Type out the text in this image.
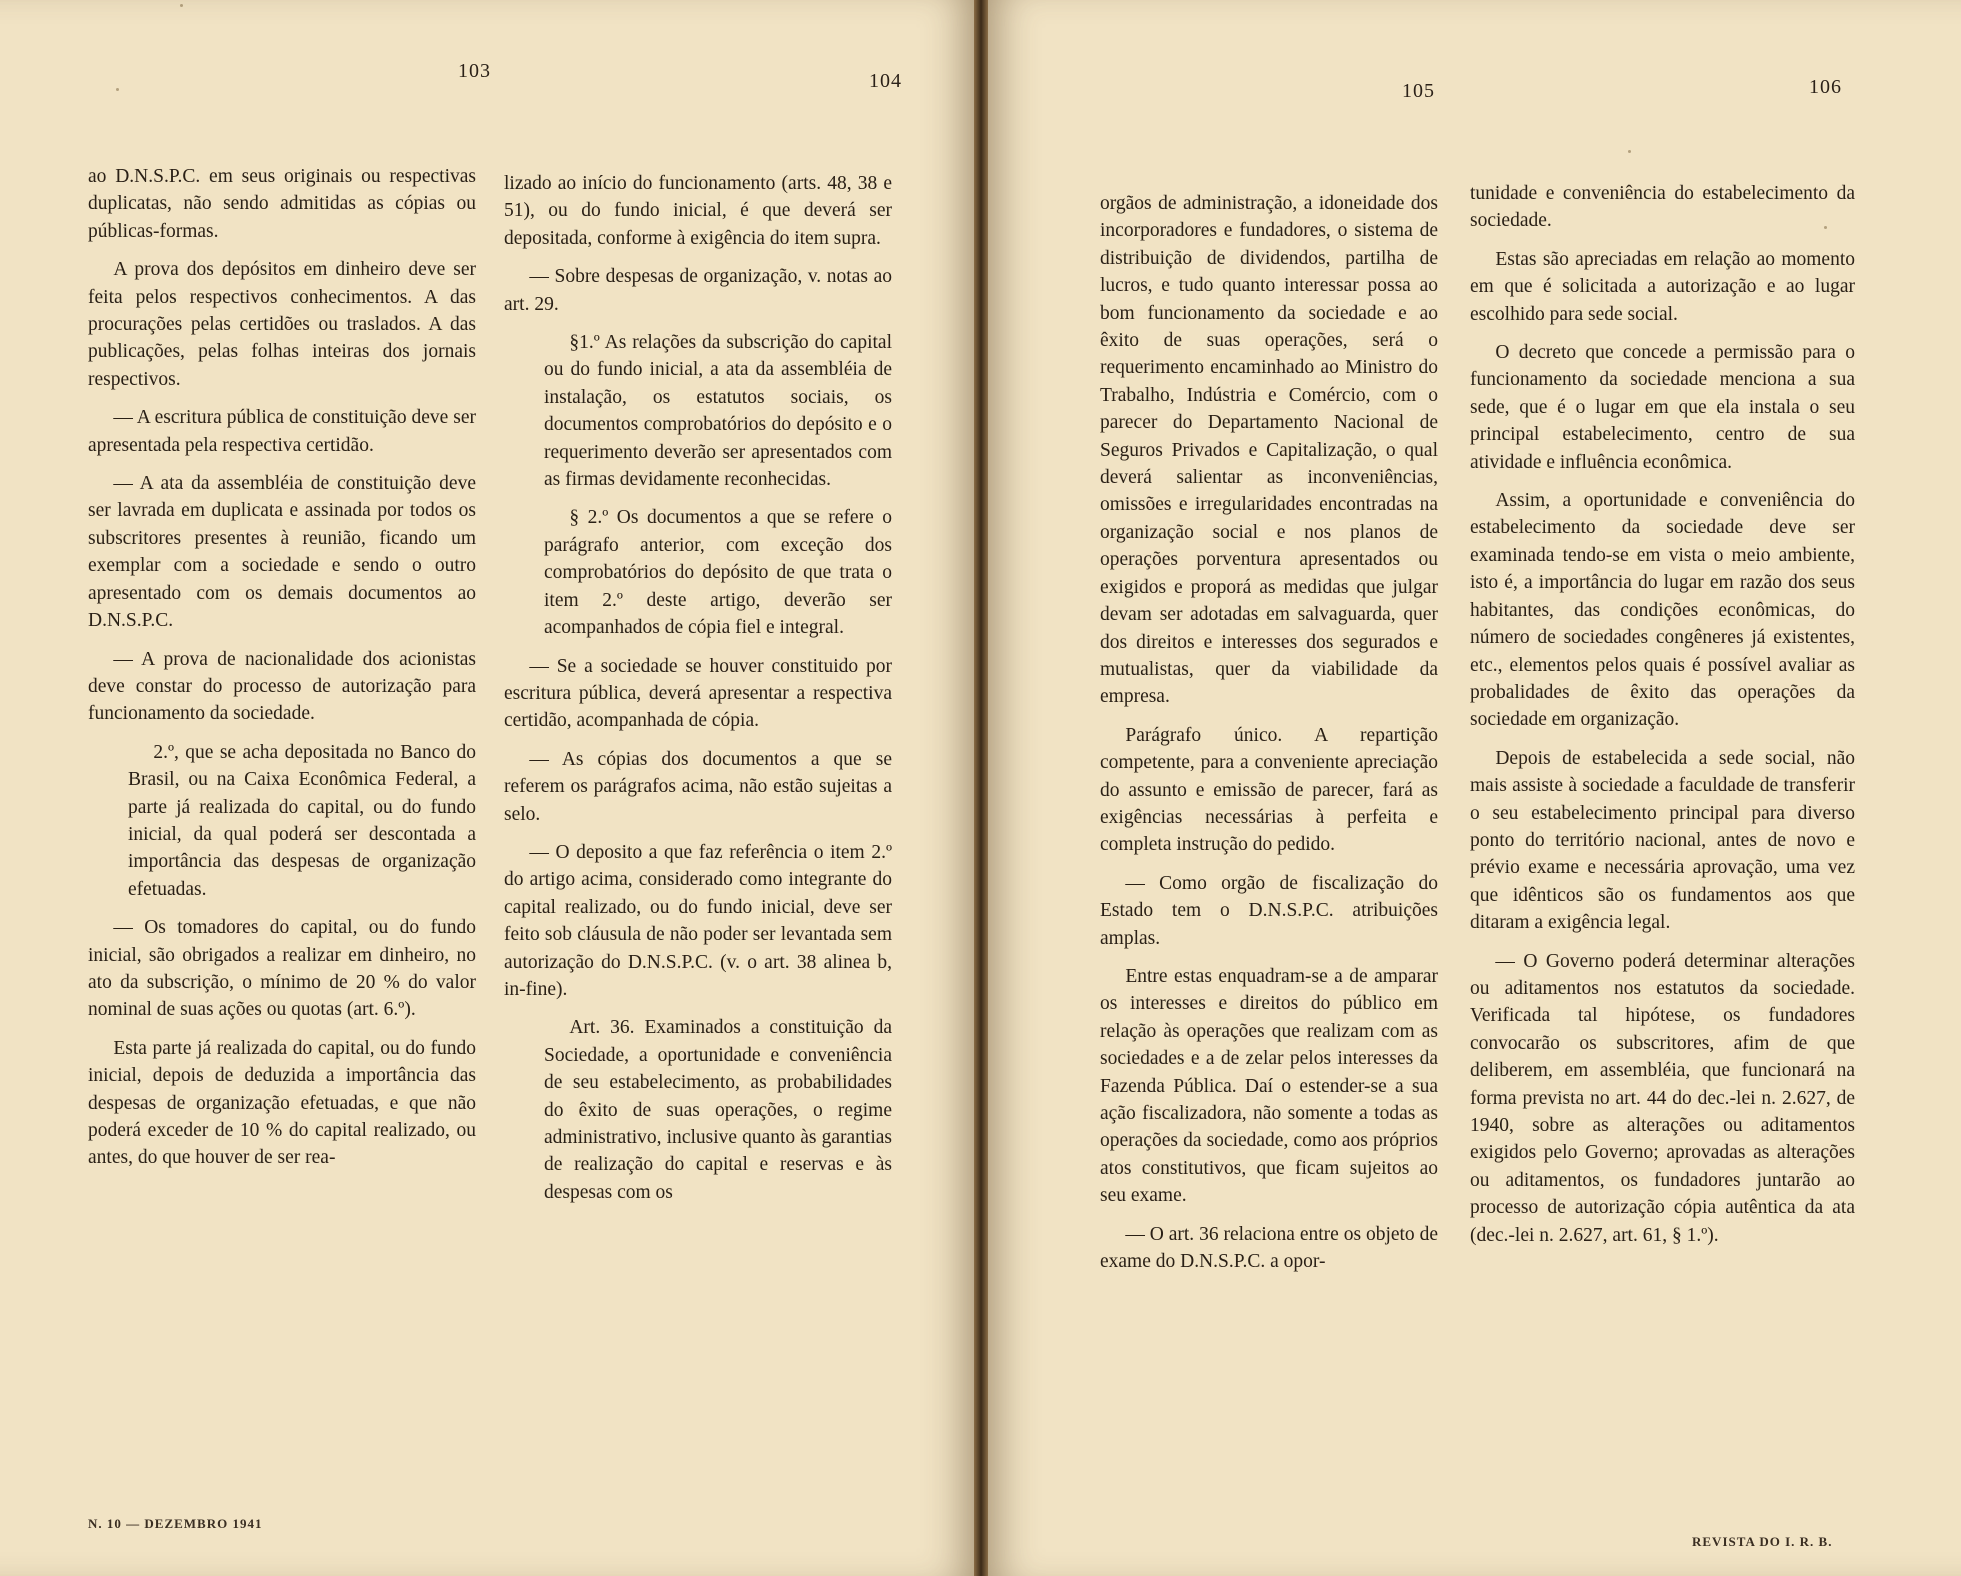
103	104

ao D.N.S.P.C. em seus originais ou respectivas duplicatas, não sendo admitidas as cópias ou públicas-formas.

A prova dos depósitos em dinheiro deve ser feita pelos respectivos conhecimentos. A das procurações pelas certidões ou traslados. A das publicações, pelas folhas inteiras dos jornais respectivos.

— A escritura pública de constituição deve ser apresentada pela respectiva certidão.

— A ata da assembléia de constituição deve ser lavrada em duplicata e assinada por todos os subscritores presentes à reunião, ficando um exemplar com a sociedade e sendo o outro apresentado com os demais documentos ao D.N.S.P.C.

— A prova de nacionalidade dos acionistas deve constar do processo de autorização para funcionamento da sociedade.

2.º, que se acha depositada no Banco do Brasil, ou na Caixa Econômica Federal, a parte já realizada do capital, ou do fundo inicial, da qual poderá ser descontada a importância das despesas de organização efetuadas.

— Os tomadores do capital, ou do fundo inicial, são obrigados a realizar em dinheiro, no ato da subscrição, o mínimo de 20 % do valor nominal de suas ações ou quotas (art. 6.º).

Esta parte já realizada do capital, ou do fundo inicial, depois de deduzida a importância das despesas de organização efetuadas, e que não poderá exceder de 10 % do capital realizado, ou antes, do que houver de ser rea-

lizado ao início do funcionamento (arts. 48, 38 e 51), ou do fundo inicial, é que deverá ser depositada, conforme à exigência do item supra.

— Sobre despesas de organização, v. notas ao art. 29.

§1.º As relações da subscrição do capital ou do fundo inicial, a ata da assembléia de instalação, os estatutos sociais, os documentos comprobatórios do depósito e o requerimento deverão ser apresentados com as firmas devidamente reconhecidas.

§ 2.º Os documentos a que se refere o parágrafo anterior, com exceção dos comprobatórios do depósito de que trata o item 2.º deste artigo, deverão ser acompanhados de cópia fiel e integral.

— Se a sociedade se houver constituido por escritura pública, deverá apresentar a respectiva certidão, acompanhada de cópia.

— As cópias dos documentos a que se referem os parágrafos acima, não estão sujeitas a selo.

— O deposito a que faz referência o item 2.º do artigo acima, considerado como integrante do capital realizado, ou do fundo inicial, deve ser feito sob cláusula de não poder ser levantada sem autorização do D.N.S.P.C. (v. o art. 38 alinea b, in-fine).

Art. 36. Examinados a constituição da Sociedade, a oportunidade e conveniência de seu estabelecimento, as probabilidades do êxito de suas operações, o regime administrativo, inclusive quanto às garantias de realização do capital e reservas e às despesas com os

N. 10 — DEZEMBRO 1941
105	106

orgãos de administração, a idoneidade dos incorporadores e fundadores, o sistema de distribuição de dividendos, partilha de lucros, e tudo quanto interessar possa ao bom funcionamento da sociedade e ao êxito de suas operações, será o requerimento encaminhado ao Ministro do Trabalho, Indústria e Comércio, com o parecer do Departamento Nacional de Seguros Privados e Capitalização, o qual deverá salientar as inconveniências, omissões e irregularidades encontradas na organização social e nos planos de operações porventura apresentados ou exigidos e proporá as medidas que julgar devam ser adotadas em salvaguarda, quer dos direitos e interesses dos segurados e mutualistas, quer da viabilidade da empresa.

Parágrafo único. A repartição competente, para a conveniente apreciação do assunto e emissão de parecer, fará as exigências necessárias à perfeita e completa instrução do pedido.

— Como orgão de fiscalização do Estado tem o D.N.S.P.C. atribuições amplas.

Entre estas enquadram-se a de amparar os interesses e direitos do público em relação às operações que realizam com as sociedades e a de zelar pelos interesses da Fazenda Pública. Daí o estender-se a sua ação fiscalizadora, não somente a todas as operações da sociedade, como aos próprios atos constitutivos, que ficam sujeitos ao seu exame.

— O art. 36 relaciona entre os objeto de exame do D.N.S.P.C. a opor-

tunidade e conveniência do estabelecimento da sociedade.

Estas são apreciadas em relação ao momento em que é solicitada a autorização e ao lugar escolhido para sede social.

O decreto que concede a permissão para o funcionamento da sociedade menciona a sua sede, que é o lugar em que ela instala o seu principal estabelecimento, centro de sua atividade e influência econômica.

Assim, a oportunidade e conveniência do estabelecimento da sociedade deve ser examinada tendo-se em vista o meio ambiente, isto é, a importância do lugar em razão dos seus habitantes, das condições econômicas, do número de sociedades congêneres já existentes, etc., elementos pelos quais é possível avaliar as probalidades de êxito das operações da sociedade em organização.

Depois de estabelecida a sede social, não mais assiste à sociedade a faculdade de transferir o seu estabelecimento principal para diverso ponto do território nacional, antes de novo e prévio exame e necessária aprovação, uma vez que idênticos são os fundamentos aos que ditaram a exigência legal.

— O Governo poderá determinar alterações ou aditamentos nos estatutos da sociedade. Verificada tal hipótese, os fundadores convocarão os subscritores, afim de que deliberem, em assembléia, que funcionará na forma prevista no art. 44 do dec.-lei n. 2.627, de 1940, sobre as alterações ou aditamentos exigidos pelo Governo; aprovadas as alterações ou aditamentos, os fundadores juntarão ao processo de autorização cópia autêntica da ata (dec.-lei n. 2.627, art. 61, § 1.º).

REVISTA DO I. R. B.
